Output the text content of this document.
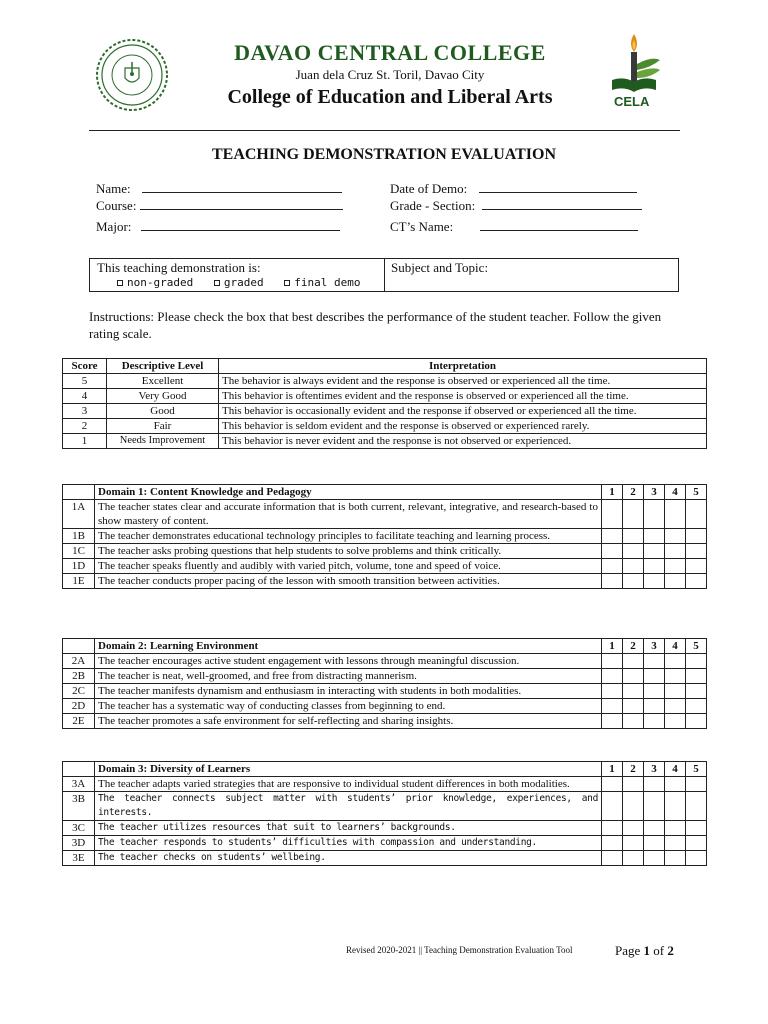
CELA
DAVAO CENTRAL COLLEGE
Juan dela Cruz St. Toril, Davao City
College of Education and Liberal Arts
TEACHING DEMONSTRATION EVALUATION
Name:
Course:
Major:
Date of Demo:
Grade - Section:
CT’s Name:
This teaching demonstration is:
non-graded	graded	final demo
Subject and Topic:
Instructions: Please check the box that best describes the performance of the student teacher. Follow the given rating scale.
Score	Descriptive Level	Interpretation
5	Excellent	The behavior is always evident and the response is observed or experienced all the time.
4	Very Good	This behavior is oftentimes evident and the response is observed or experienced all the time.
3	Good	This behavior is occasionally evident and the response if observed or experienced all the time.
2	Fair	This behavior is seldom evident and the response is observed or experienced rarely.
1	Needs Improvement	This behavior is never evident and the response is not observed or experienced.
	Domain 1: Content Knowledge and Pedagogy	1	2	3	4	5
1A	The teacher states clear and accurate information that is both current, relevant, integrative, and research-based to show mastery of content.					
1B	The teacher demonstrates educational technology principles to facilitate teaching and learning process.					
1C	The teacher asks probing questions that help students to solve problems and think critically.					
1D	The teacher speaks fluently and audibly with varied pitch, volume, tone and speed of voice.					
1E	The teacher conducts proper pacing of the lesson with smooth transition between activities.					
	Domain 2: Learning Environment	1	2	3	4	5
2A	The teacher encourages active student engagement with lessons through meaningful discussion.					
2B	The teacher is neat, well-groomed, and free from distracting mannerism.					
2C	The teacher manifests dynamism and enthusiasm in interacting with students in both modalities.					
2D	The teacher has a systematic way of conducting classes from beginning to end.					
2E	The teacher promotes a safe environment for self-reflecting and sharing insights.					
	Domain 3: Diversity of Learners	1	2	3	4	5
3A	The teacher adapts varied strategies that are responsive to individual student differences in both modalities.					
3B	The teacher connects subject matter with students’ prior knowledge, experiences, and interests.					
3C	The teacher utilizes resources that suit to learners’ backgrounds.					
3D	The teacher responds to students’ difficulties with compassion and understanding.					
3E	The teacher checks on students’ wellbeing.					
Revised 2020-2021 || Teaching Demonstration Evaluation Tool	Page 1 of 2
